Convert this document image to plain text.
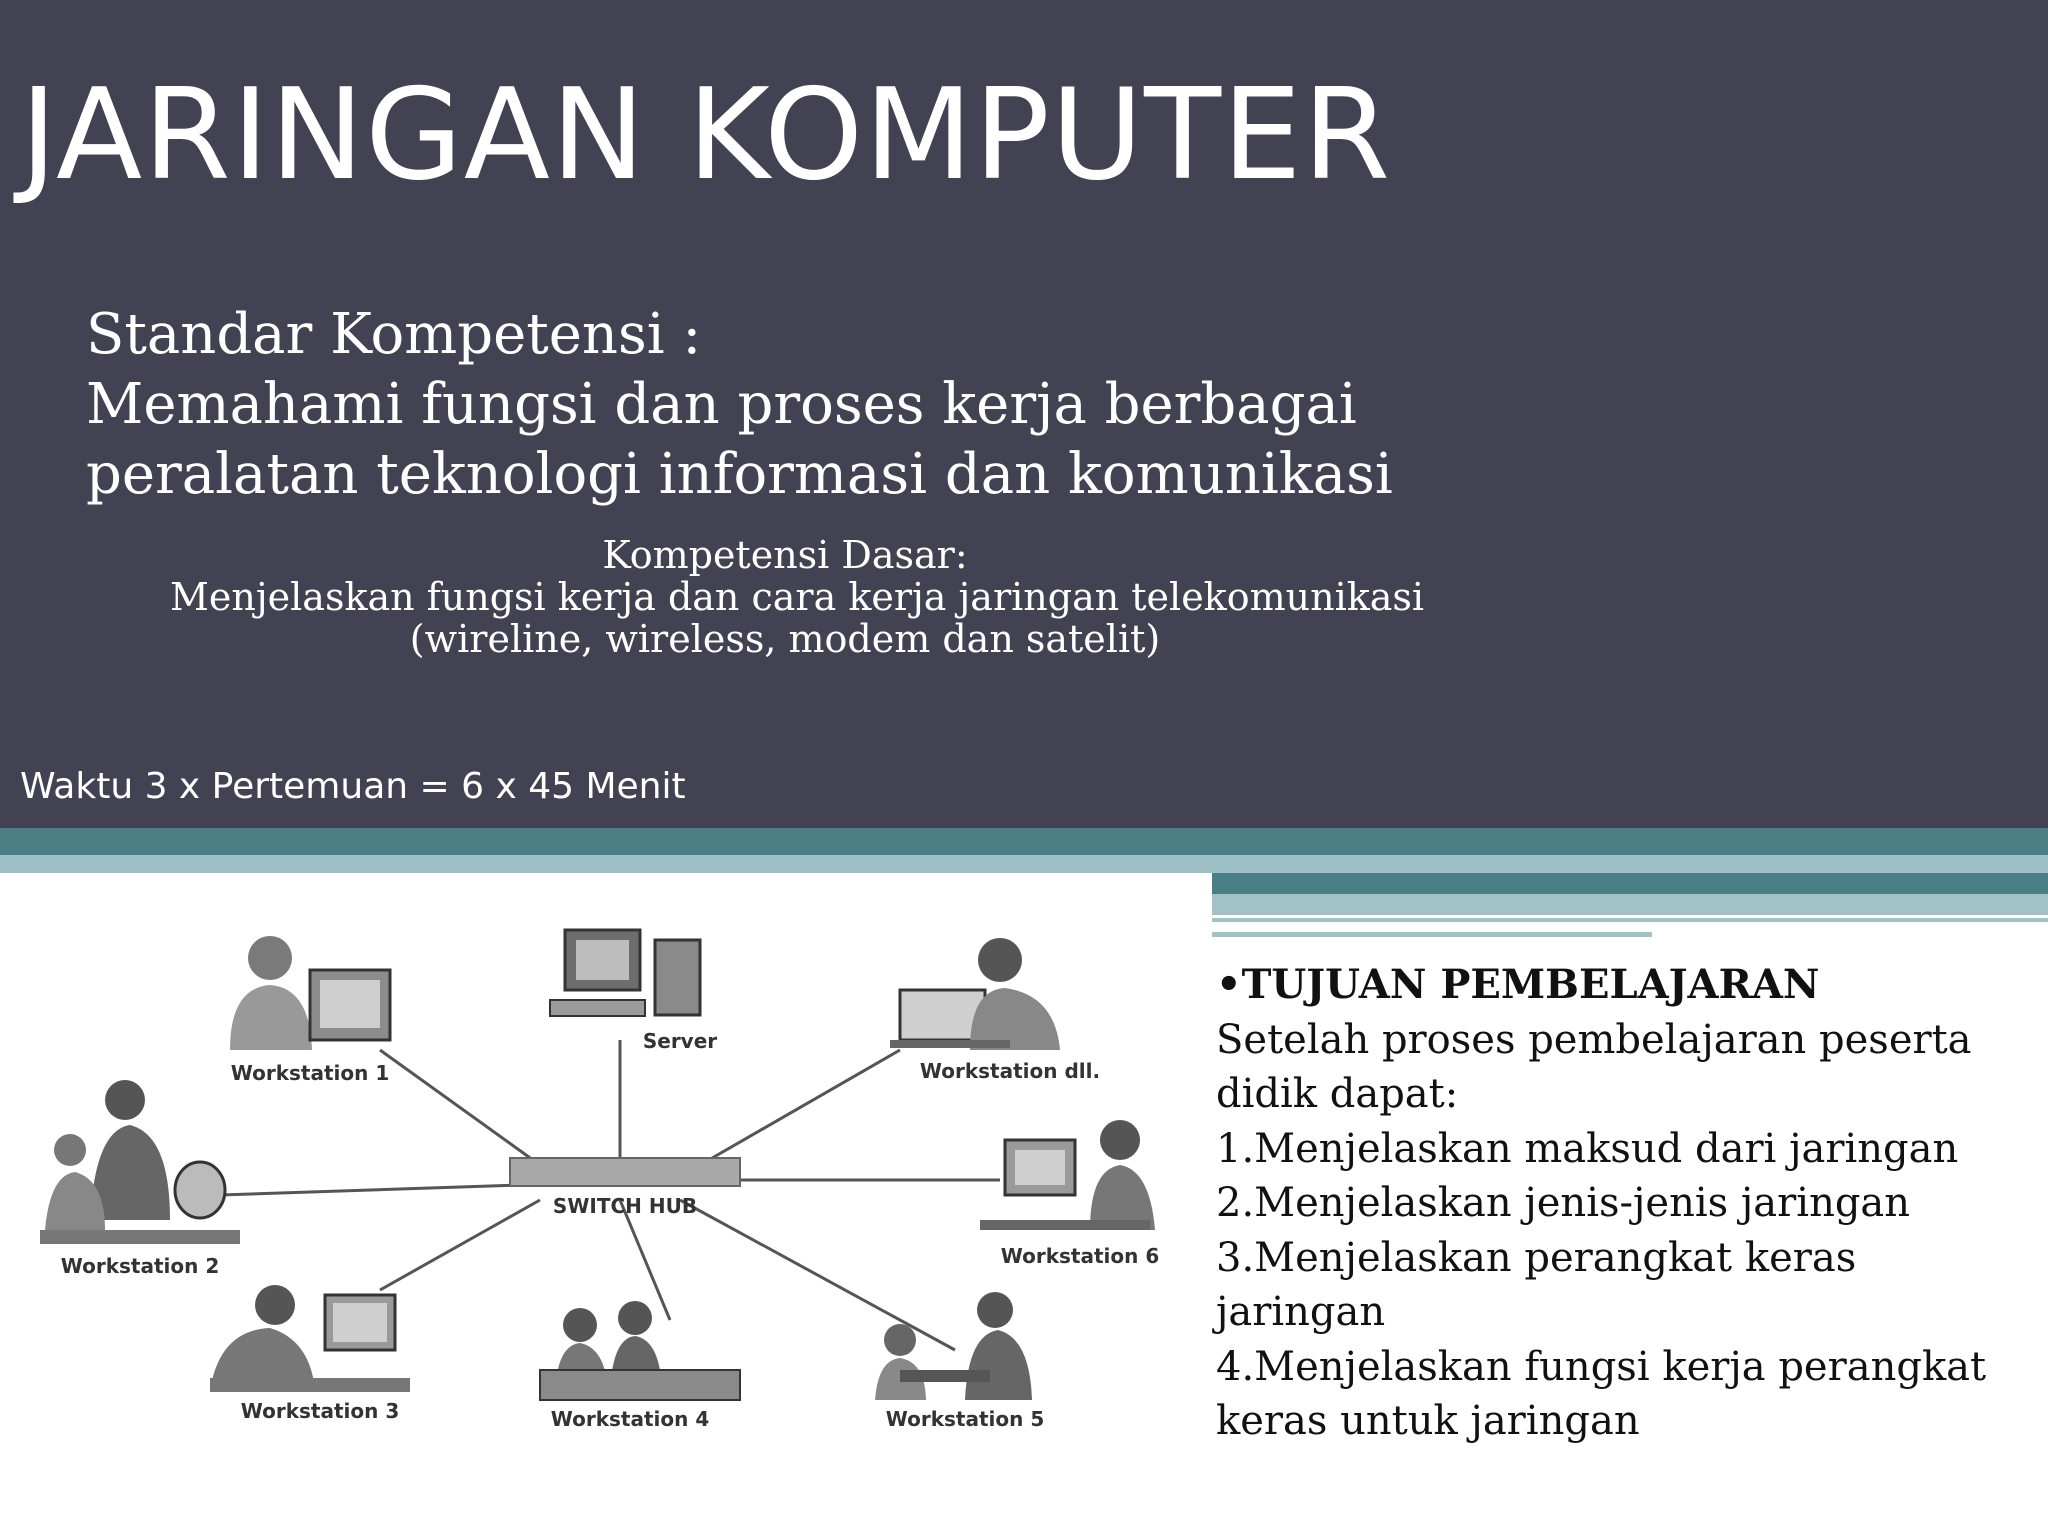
JARINGAN KOMPUTER
Standar Kompetensi :
Memahami fungsi dan proses kerja berbagai
peralatan teknologi informasi dan komunikasi
Kompetensi Dasar:
Menjelaskan fungsi kerja dan cara kerja jaringan telekomunikasi
(wireline, wireless, modem dan satelit)
Waktu 3 x Pertemuan = 6 x 45 Menit
SWITCH HUB
Server
Workstation 1	Workstation dll.
Workstation 2	Workstation 6
Workstation 3	Workstation 4	Workstation 5
•TUJUAN PEMBELAJARAN
Setelah proses pembelajaran peserta
didik dapat:
1.Menjelaskan maksud dari jaringan
2.Menjelaskan jenis-jenis jaringan
3.Menjelaskan perangkat keras
jaringan
4.Menjelaskan fungsi kerja perangkat
keras untuk jaringan
